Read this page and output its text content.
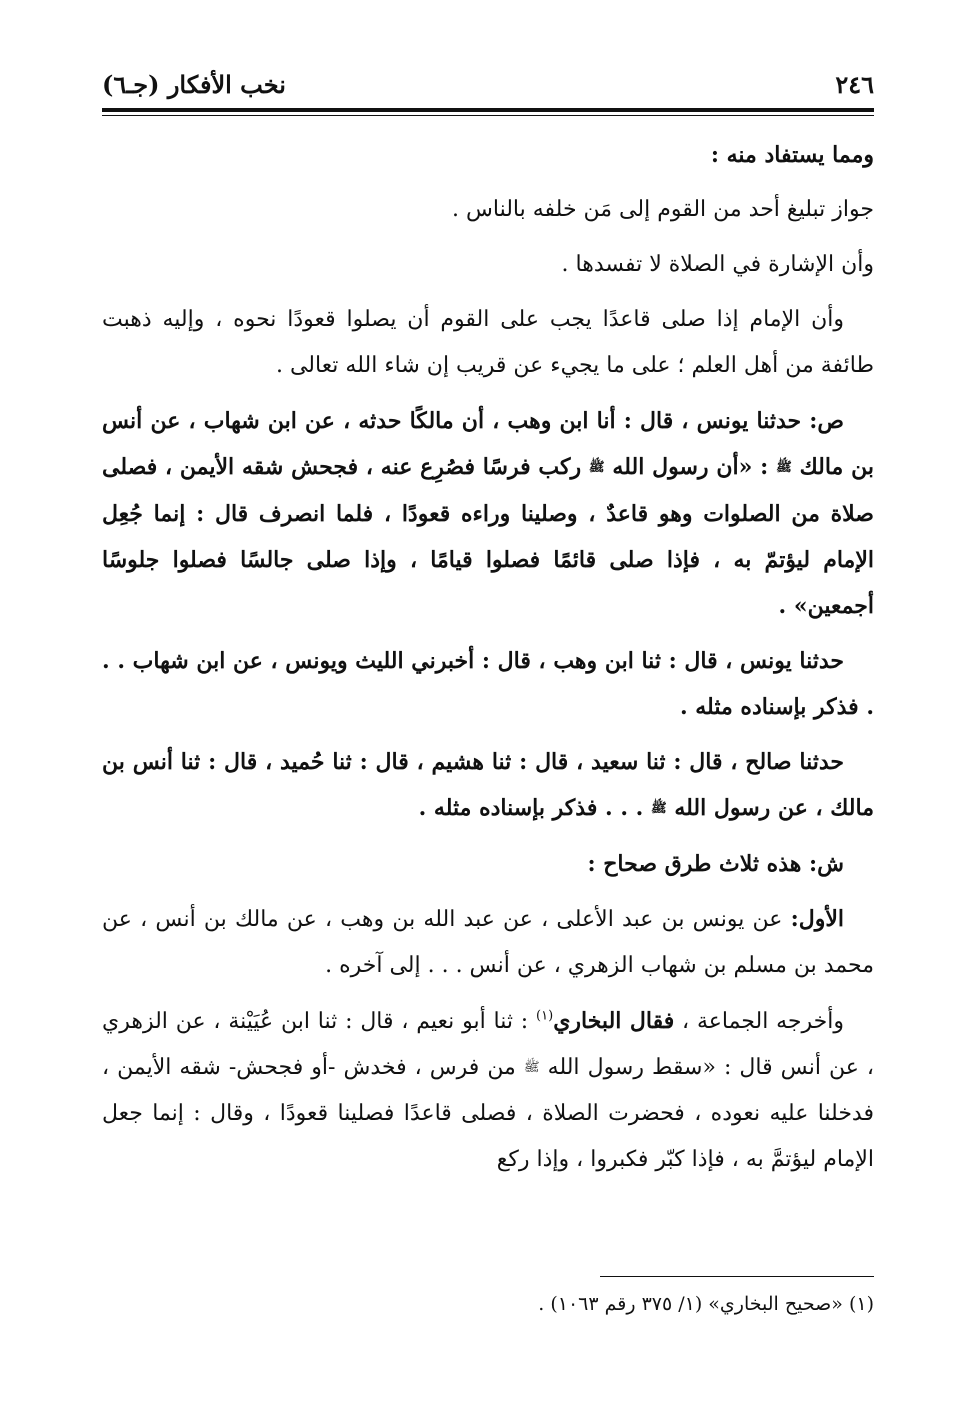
٢٤٦
نخب الأفكار (جـ٦)

ومما يستفاد منه :

جواز تبليغ أحد من القوم إلى مَن خلفه بالناس .

وأن الإشارة في الصلاة لا تفسدها .

وأن الإمام إذا صلى قاعدًا يجب على القوم أن يصلوا قعودًا نحوه ، وإليه ذهبت طائفة من أهل العلم ؛ على ما يجيء عن قريب إن شاء الله تعالى .

ص: حدثنا يونس ، قال : أنا ابن وهب ، أن مالكًا حدثه ، عن ابن شهاب ، عن أنس بن مالك ﷺ : «أن رسول الله ﷺ ركب فرسًا فصُرِع عنه ، فجحش شقه الأيمن ، فصلى صلاة من الصلوات وهو قاعدٌ ، وصلينا وراءه قعودًا ، فلما انصرف قال : إنما جُعِل الإمام ليؤتمّ به ، فإذا صلى قائمًا فصلوا قيامًا ، وإذا صلى جالسًا فصلوا جلوسًا أجمعين» .

حدثنا يونس ، قال : ثنا ابن وهب ، قال : أخبرني الليث ويونس ، عن ابن شهاب . . . فذكر بإسناده مثله .

حدثنا صالح ، قال : ثنا سعيد ، قال : ثنا هشيم ، قال : ثنا حُميد ، قال : ثنا أنس بن مالك ، عن رسول الله ﷺ . . . فذكر بإسناده مثله .

ش: هذه ثلاث طرق صحاح :

الأول: عن يونس بن عبد الأعلى ، عن عبد الله بن وهب ، عن مالك بن أنس ، عن محمد بن مسلم بن شهاب الزهري ، عن أنس . . . إلى آخره .

وأخرجه الجماعة ، فقال البخاري$^{(١)}$ : ثنا أبو نعيم ، قال : ثنا ابن عُيَيْنة ، عن الزهري ، عن أنس قال : «سقط رسول الله ﷺ من فرس ، فخدش -أو فجحش- شقه الأيمن ، فدخلنا عليه نعوده ، فحضرت الصلاة ، فصلى قاعدًا فصلينا قعودًا ، وقال : إنما جعل الإمام ليؤتمَّ به ، فإذا كبّر فكبروا ، وإذا ركع

(١) «صحيح البخاري» (١/ ٣٧٥ رقم ١٠٦٣) .
